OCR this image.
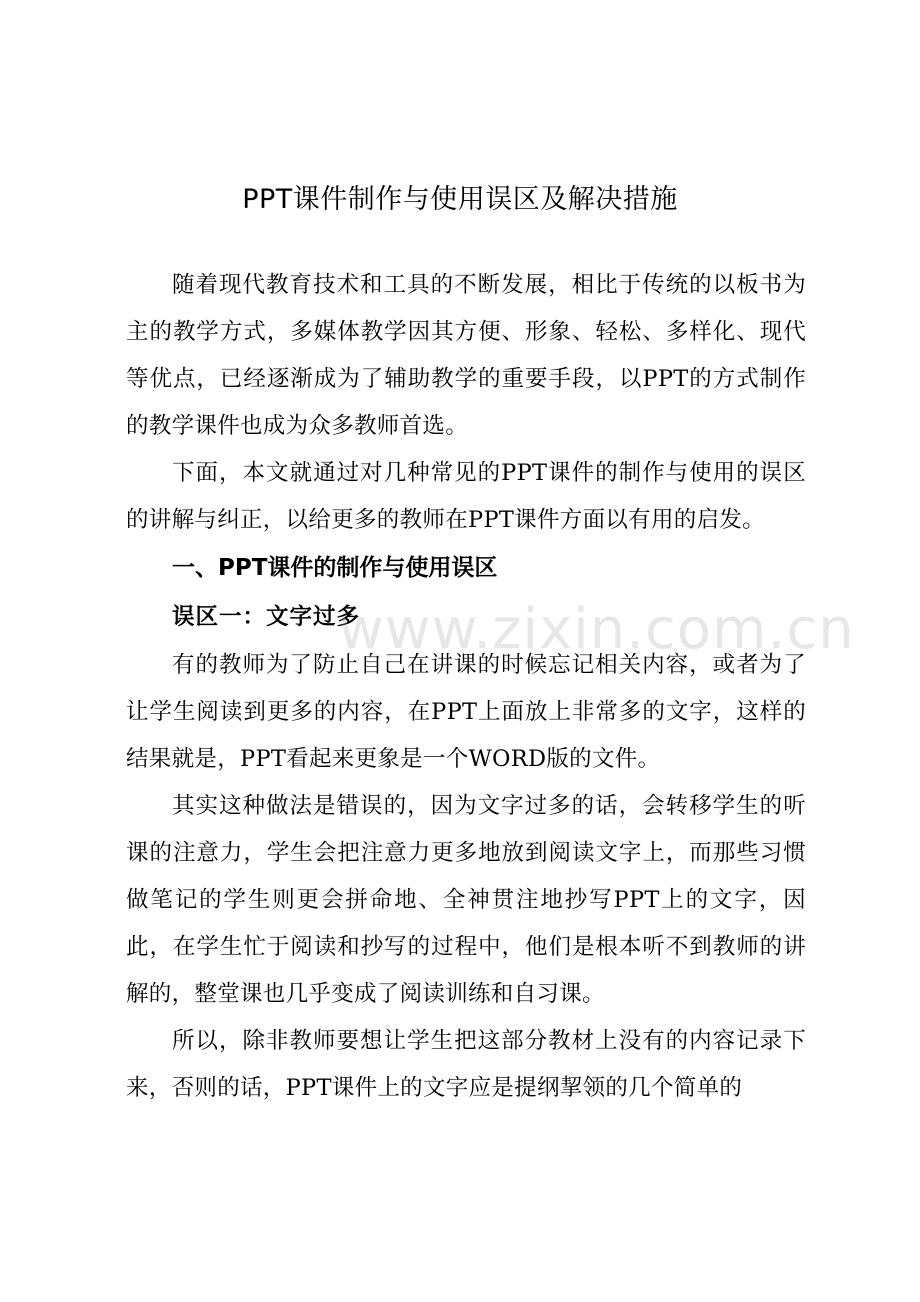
PPT课件制作与使用误区及解决措施

随着现代教育技术和工具的不断发展，相比于传统的以板书为主的教学方式，多媒体教学因其方便、形象、轻松、多样化、现代等优点，已经逐渐成为了辅助教学的重要手段，以PPT的方式制作的教学课件也成为众多教师首选。

下面，本文就通过对几种常见的PPT课件的制作与使用的误区的讲解与纠正，以给更多的教师在PPT课件方面以有用的启发。

一、PPT课件的制作与使用误区

误区一：文字过多

有的教师为了防止自己在讲课的时候忘记相关内容，或者为了让学生阅读到更多的内容，在PPT上面放上非常多的文字，这样的结果就是，PPT看起来更象是一个WORD版的文件。

其实这种做法是错误的，因为文字过多的话，会转移学生的听课的注意力，学生会把注意力更多地放到阅读文字上，而那些习惯做笔记的学生则更会拼命地、全神贯注地抄写PPT上的文字，因此，在学生忙于阅读和抄写的过程中，他们是根本听不到教师的讲解的，整堂课也几乎变成了阅读训练和自习课。

所以，除非教师要想让学生把这部分教材上没有的内容记录下来，否则的话，PPT课件上的文字应是提纲挈领的几个简单的

www.zixin.com.cn
